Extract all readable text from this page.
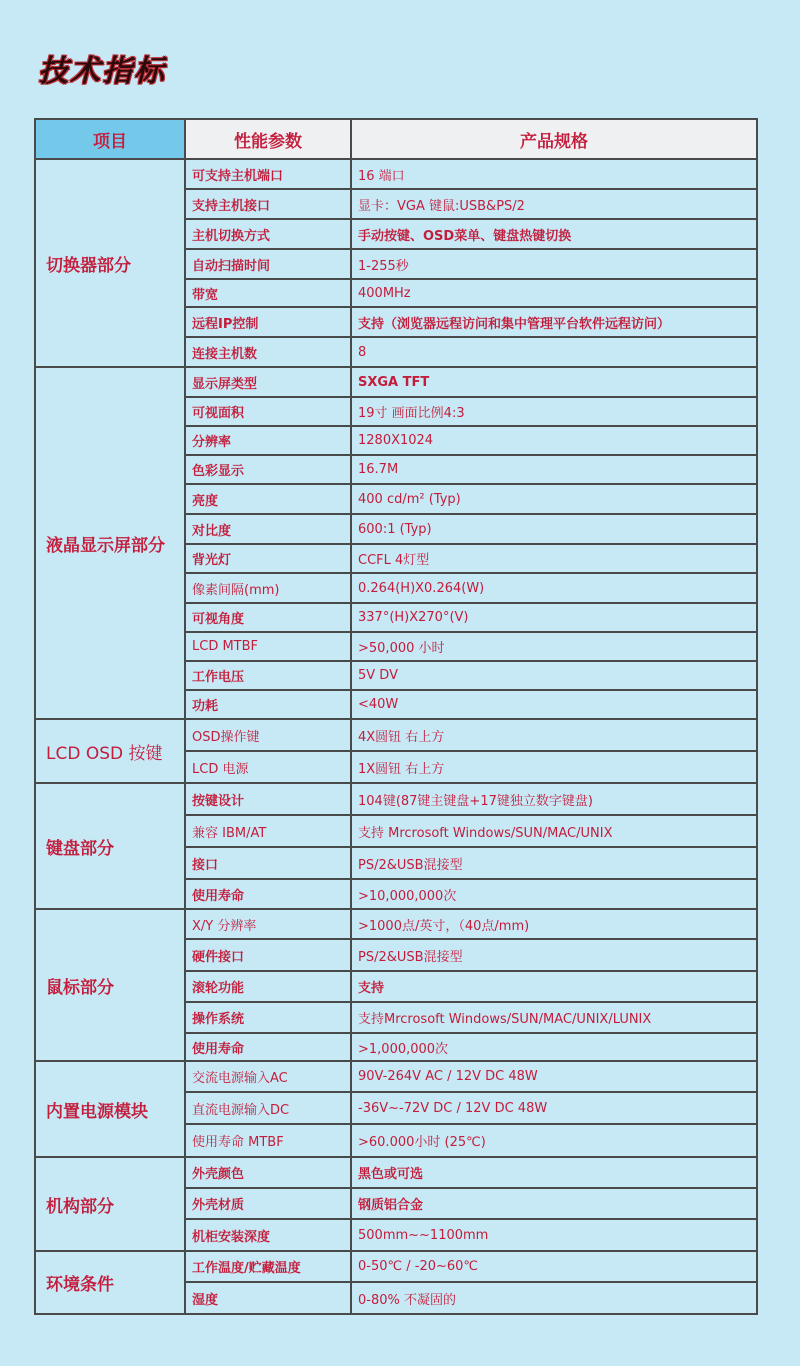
技术指标
项目	性能参数	产品规格
切换器部分	可支持主机端口	16 端口
	支持主机接口	显卡：VGA 键鼠:USB&PS/2
	主机切换方式	手动按键、OSD菜单、键盘热键切换
	自动扫描时间	1-255秒
	带宽	400MHz
	远程IP控制	支持（浏览器远程访问和集中管理平台软件远程访问）
	连接主机数	8
液晶显示屏部分	显示屏类型	SXGA TFT
	可视面积	19寸 画面比例4:3
	分辨率	1280X1024
	色彩显示	16.7M
	亮度	400 cd/m² (Typ)
	对比度	600:1 (Typ)
	背光灯	CCFL 4灯型
	像素间隔(mm)	0.264(H)X0.264(W)
	可视角度	337°(H)X270°(V)
	LCD MTBF	>50,000 小时
	工作电压	5V DV
	功耗	<40W
LCD OSD 按键	OSD操作键	4X圆钮 右上方
	LCD 电源	1X圆钮 右上方
键盘部分	按键设计	104键(87键主键盘+17键独立数字键盘)
	兼容 IBM/AT	支持 Mrcrosoft Windows/SUN/MAC/UNIX
	接口	PS/2&USB混接型
	使用寿命	>10,000,000次
鼠标部分	X/Y 分辨率	>1000点/英寸，（40点/mm)
	硬件接口	PS/2&USB混接型
	滚轮功能	支持
	操作系统	支持Mrcrosoft Windows/SUN/MAC/UNIX/LUNIX
	使用寿命	>1,000,000次
内置电源模块	交流电源输入AC	90V-264V AC / 12V DC 48W
	直流电源输入DC	-36V~-72V DC / 12V DC 48W
	使用寿命 MTBF	>60.000小时 (25℃)
机构部分	外壳颜色	黑色或可选
	外壳材质	钢质铝合金
	机柜安装深度	500mm~~1100mm
环境条件	工作温度/贮藏温度	0-50℃ / -20~60℃
	湿度	0-80% 不凝固的
